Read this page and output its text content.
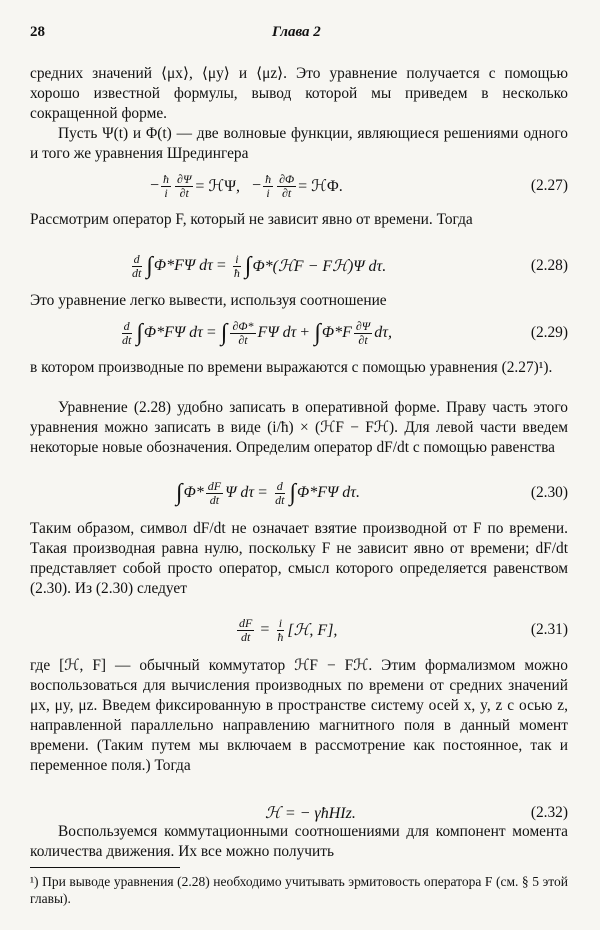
28	Глава 2

средних значений ⟨μx⟩, ⟨μy⟩ и ⟨μz⟩. Это уравнение получается с помощью хорошо известной формулы, вывод которой мы приведем в несколько сокращенной форме.

Пусть Ψ(t) и Φ(t) — две волновые функции, являющиеся решениями одного и того же уравнения Шредингера

− $\frac{ħ}{i} \frac{\partial\Psi}{\partial t}$ = ℋΨ, − $\frac{ħ}{i} \frac{\partial\Phi}{\partial t}$ = ℋΦ.	(2.27)

Рассмотрим оператор F, который не зависит явно от времени. Тогда

$\frac{d}{dt}$ ∫ Φ*FΨ $d\tau = \frac{i}{ħ}$ ∫ Φ*(ℋF − Fℋ)Ψ dτ.	(2.28)

Это уравнение легко вывести, используя соотношение

$\frac{d}{dt}$ ∫ Φ*FΨ dτ = ∫ $\frac{\partial\Phi*}{\partial t}$ FΨ dτ + ∫ $\Phi*F \frac{\partial\Psi}{\partial t} d\tau$,	(2.29)

в котором производные по времени выражаются с помощью уравнения (2.27)¹).

Уравнение (2.28) удобно записать в оперативной форме. Праву часть этого уравнения можно записать в виде (i/ħ) × (ℋF − Fℋ). Для левой части введем некоторые новые обозначения. Определим оператор dF/dt с помощью равенства

∫ $\Phi* \frac{dF}{dt}$ Ψ $d\tau = \frac{d}{dt}$ ∫ Φ*FΨ dτ.	(2.30)

Таким образом, символ dF/dt не означает взятие производной от F по времени. Такая производная равна нулю, поскольку F не зависит явно от времени; dF/dt представляет собой просто оператор, смысл которого определяется равенством (2.30). Из (2.30) следует

$\frac{dF}{dt} = \frac{i}{ħ}$ [ℋ, F],	(2.31)

где [ℋ, F] — обычный коммутатор ℋF − Fℋ. Этим формализмом можно воспользоваться для вычисления производных по времени от средних значений μx, μy, μz. Введем фиксированную в пространстве систему осей x, y, z с осью z, направленной параллельно направлению магнитного поля в данный момент времени. (Таким путем мы включаем в рассмотрение как постоянное, так и переменное поля.) Тогда

ℋ = − γħHIz.	(2.32)

Воспользуемся коммутационными соотношениями для компонент момента количества движения. Их все можно получить

¹) При выводе уравнения (2.28) необходимо учитывать эрмитовость оператора F (см. § 5 этой главы).
